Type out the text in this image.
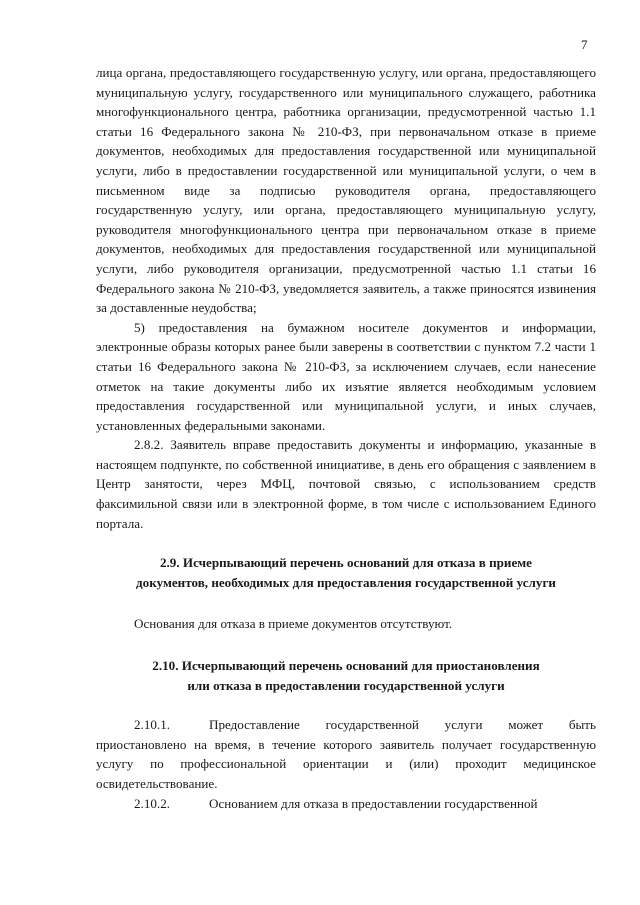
7

лица органа, предоставляющего государственную услугу, или органа, предоставляющего муниципальную услугу, государственного или муниципального служащего, работника многофункционального центра, работника организации, предусмотренной частью 1.1 статьи 16 Федерального закона № 210-ФЗ, при первоначальном отказе в приеме документов, необходимых для предоставления государственной или муниципальной услуги, либо в предоставлении государственной или муниципальной услуги, о чем в письменном виде за подписью руководителя органа, предоставляющего государственную услугу, или органа, предоставляющего муниципальную услугу, руководителя многофункционального центра при первоначальном отказе в приеме документов, необходимых для предоставления государственной или муниципальной услуги, либо руководителя организации, предусмотренной частью 1.1 статьи 16 Федерального закона № 210-ФЗ, уведомляется заявитель, а также приносятся извинения за доставленные неудобства;

5) предоставления на бумажном носителе документов и информации, электронные образы которых ранее были заверены в соответствии с пунктом 7.2 части 1 статьи 16 Федерального закона № 210-ФЗ, за исключением случаев, если нанесение отметок на такие документы либо их изъятие является необходимым условием предоставления государственной или муниципальной услуги, и иных случаев, установленных федеральными законами.

2.8.2. Заявитель вправе предоставить документы и информацию, указанные в настоящем подпункте, по собственной инициативе, в день его обращения с заявлением в Центр занятости, через МФЦ, почтовой связью, с использованием средств факсимильной связи или в электронной форме, в том числе с использованием Единого портала.

2.9. Исчерпывающий перечень оснований для отказа в приеме
документов, необходимых для предоставления государственной услуги

Основания для отказа в приеме документов отсутствуют.

2.10. Исчерпывающий перечень оснований для приостановления
или отказа в предоставлении государственной услуги

2.10.1.	Предоставление государственной услуги может быть приостановлено на время, в течение которого заявитель получает государственную услугу по профессиональной ориентации и (или) проходит медицинское освидетельствование.

2.10.2.	Основанием для отказа в предоставлении государственной
